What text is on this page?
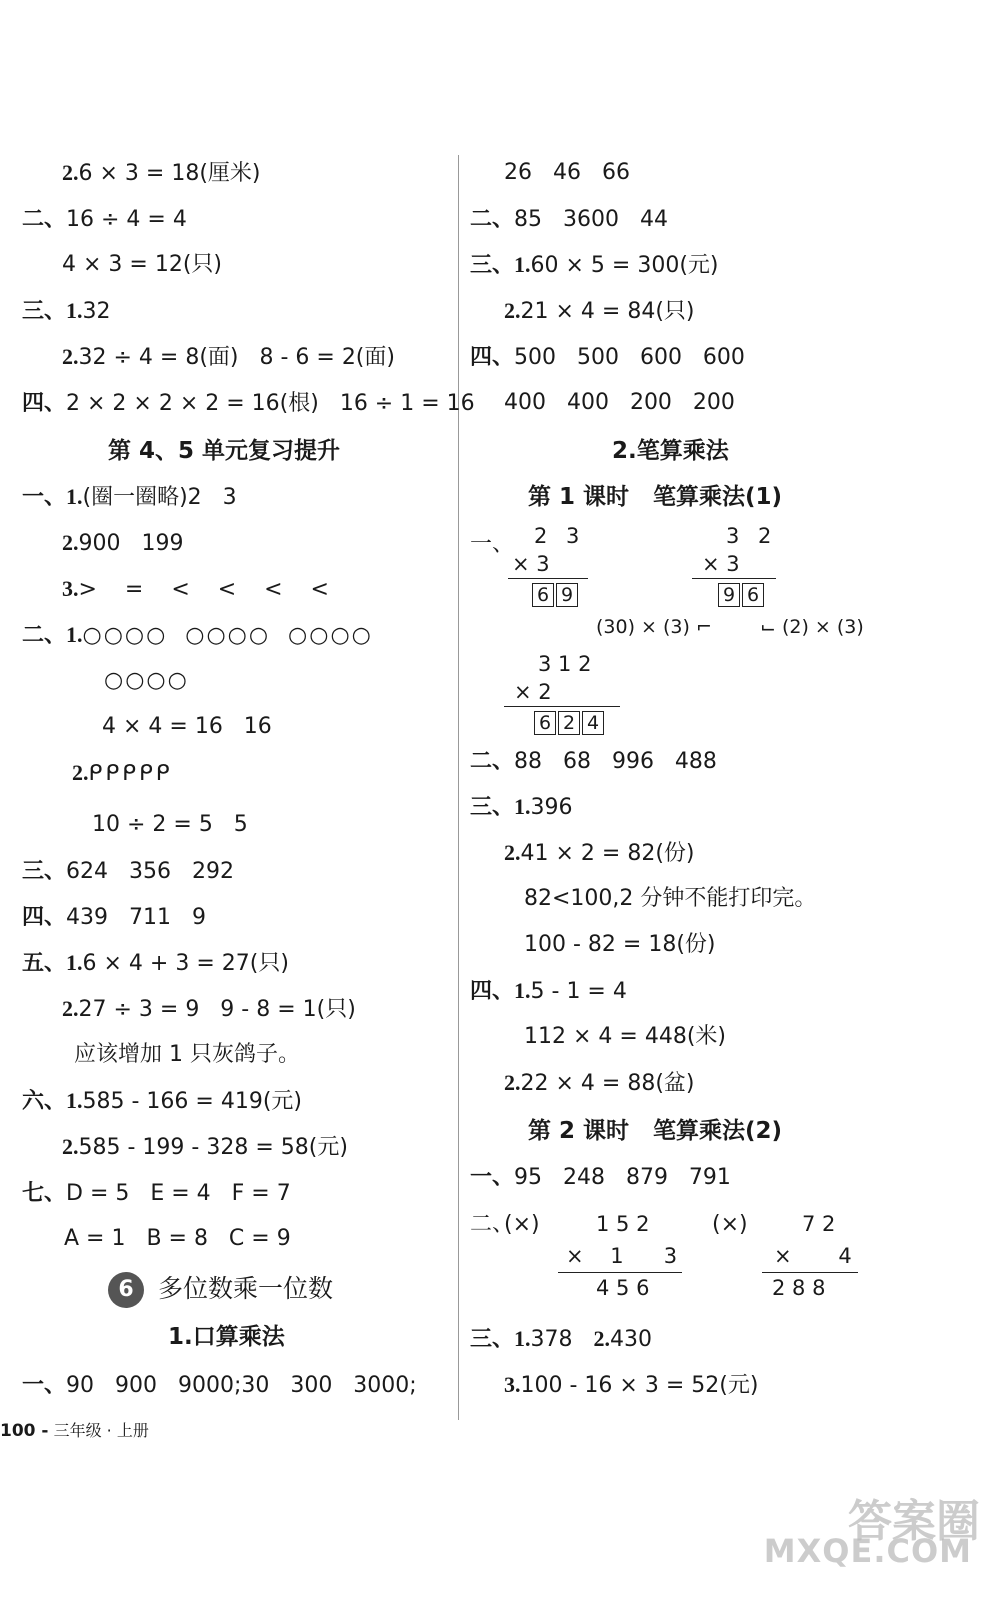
2.6 × 3 = 18(厘米)
二、16 ÷ 4 = 4
4 × 3 = 12(只)
三、1.32
2.32 ÷ 4 = 8(面)   8 - 6 = 2(面)
四、2 × 2 × 2 × 2 = 16(根)   16 ÷ 1 = 16
第 4、5 单元复习提升
一、1.(圈一圈略)2   3
2.900   199
3.>    =    <    <    <    <
二、1.○○○○  ○○○○  ○○○○
○○○○
4 × 4 = 16   16
2.ᑭᑭᑭᑭᑭ
10 ÷ 2 = 5   5
三、624   356   292
四、439   711   9
五、1.6 × 4 + 3 = 27(只)
2.27 ÷ 3 = 9   9 - 8 = 1(只)
应该增加 1 只灰鸽子。
六、1.585 - 166 = 419(元)
2.585 - 199 - 328 = 58(元)
七、D = 5   E = 4   F = 7
A = 1   B = 8   C = 9
6 多位数乘一位数
1.口算乘法
一、90   900   9000;30   300   3000;
26   46   66
二、85   3600   44
三、1.60 × 5 = 300(元)
2.21 × 4 = 84(只)
四、500   500   600   600
400   400   200   200
2.笔算乘法
第 1 课时   笔算乘法(1)
一、 2 3
× 3
6 9
3 2
× 3
9 6
(30) × (3) ⌐	⌙ (2) × (3)
3 1 2
× 2
6 2 4
二、88   68   996   488
三、1.396
2.41 × 2 = 82(份)
82<100,2 分钟不能打印完。
100 - 82 = 18(份)
四、1.5 - 1 = 4
112 × 4 = 448(米)
2.22 × 4 = 88(盆)
第 2 课时   笔算乘法(2)
一、95   248   879   791
二、
(×)	1 5 2
×    1      3
4 5 6
(×)	7 2
×       4
2 8 8
三、1.378 2.430
3.100 - 16 × 3 = 52(元)
100 - 三年级 · 上册
答案圈
MXQE.COM
